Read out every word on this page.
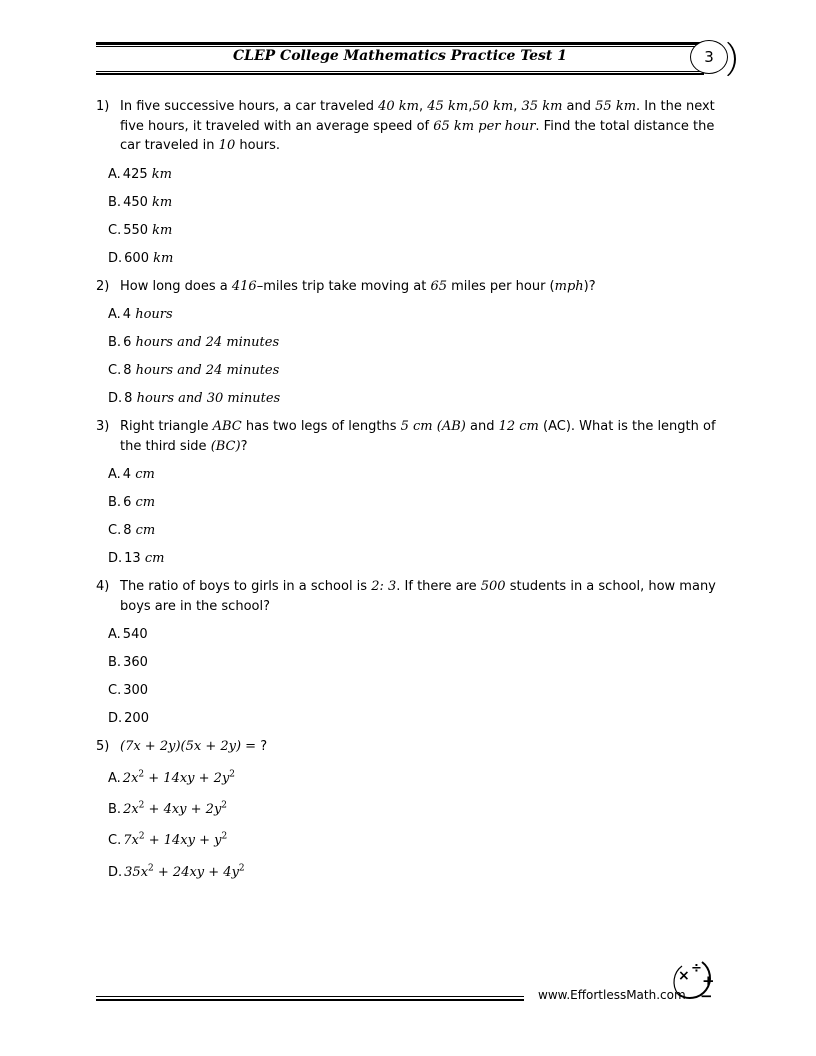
CLEP College Mathematics Practice Test 1	3
1) In five successive hours, a car traveled 40 km, 45 km,50 km, 35 km and 55 km. In the next five hours, it traveled with an average speed of 65 km per hour. Find the total distance the car traveled in 10 hours.
A. 425 km
B. 450 km
C. 550 km
D. 600 km
2) How long does a 416–miles trip take moving at 65 miles per hour (mph)?
A. 4 hours
B. 6 hours and 24 minutes
C. 8 hours and 24 minutes
D. 8 hours and 30 minutes
3) Right triangle ABC has two legs of lengths 5 cm (AB) and 12 cm (AC). What is the length of the third side (BC)?
A. 4 cm
B. 6 cm
C. 8 cm
D. 13 cm
4) The ratio of boys to girls in a school is 2: 3. If there are 500 students in a school, how many boys are in the school?
A. 540
B. 360
C. 300
D. 200
5) (7x + 2y)(5x + 2y) = ?
A. $2x^2 + 14xy + 2y^2$
B. $2x^2 + 4xy + 2y^2$
C. $7x^2 + 14xy + y^2$
D. $35x^2 + 24xy + 4y^2$
www.EffortlessMath.com
× ÷
+
−
